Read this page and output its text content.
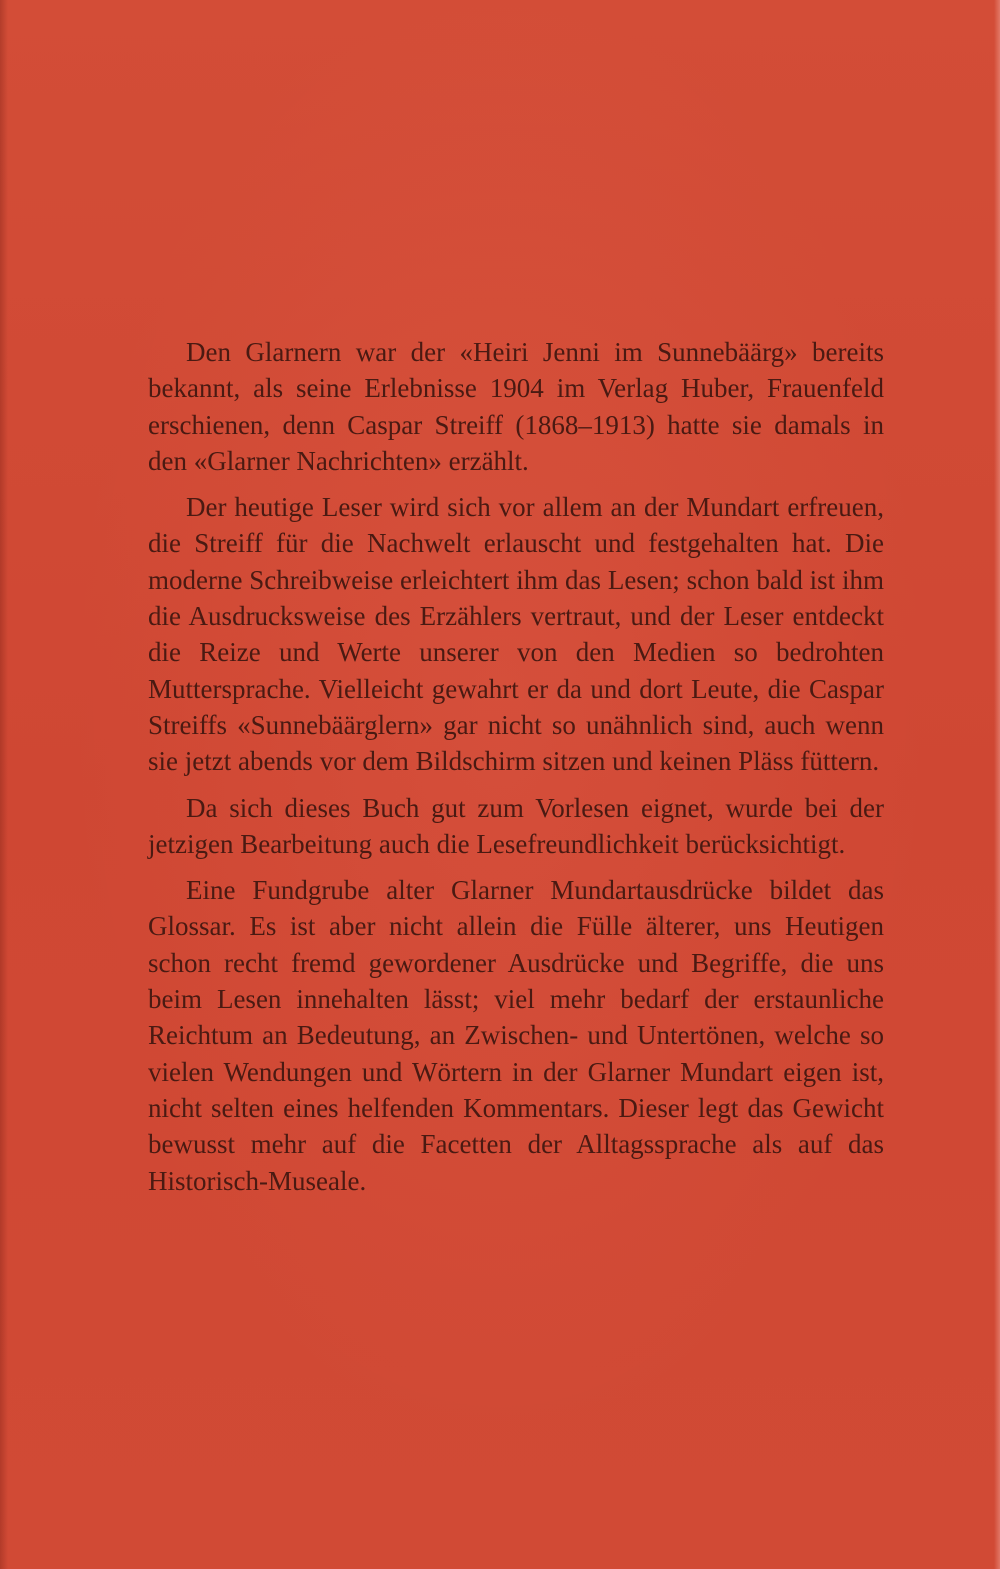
Den Glarnern war der «Heiri Jenni im Sunnebäärg» bereits bekannt, als seine Erlebnisse 1904 im Verlag Huber, Frauenfeld erschienen, denn Caspar Streiff (1868–1913) hatte sie damals in den «Glarner Nachrichten» erzählt.

Der heutige Leser wird sich vor allem an der Mundart erfreuen, die Streiff für die Nachwelt erlauscht und festgehalten hat. Die moderne Schreibweise erleichtert ihm das Lesen; schon bald ist ihm die Ausdrucksweise des Erzählers vertraut, und der Leser entdeckt die Reize und Werte unserer von den Medien so bedrohten Muttersprache. Vielleicht gewahrt er da und dort Leute, die Caspar Streiffs «Sunnebäärglern» gar nicht so unähnlich sind, auch wenn sie jetzt abends vor dem Bildschirm sitzen und keinen Pläss füttern.

Da sich dieses Buch gut zum Vorlesen eignet, wurde bei der jetzigen Bearbeitung auch die Lesefreundlichkeit berücksichtigt.

Eine Fundgrube alter Glarner Mundartausdrücke bildet das Glossar. Es ist aber nicht allein die Fülle älterer, uns Heutigen schon recht fremd gewordener Ausdrücke und Begriffe, die uns beim Lesen innehalten lässt; viel mehr bedarf der erstaunliche Reichtum an Bedeutung, an Zwischen- und Untertönen, welche so vielen Wendungen und Wörtern in der Glarner Mundart eigen ist, nicht selten eines helfenden Kommentars. Dieser legt das Gewicht bewusst mehr auf die Facetten der Alltagssprache als auf das Historisch-Museale.
